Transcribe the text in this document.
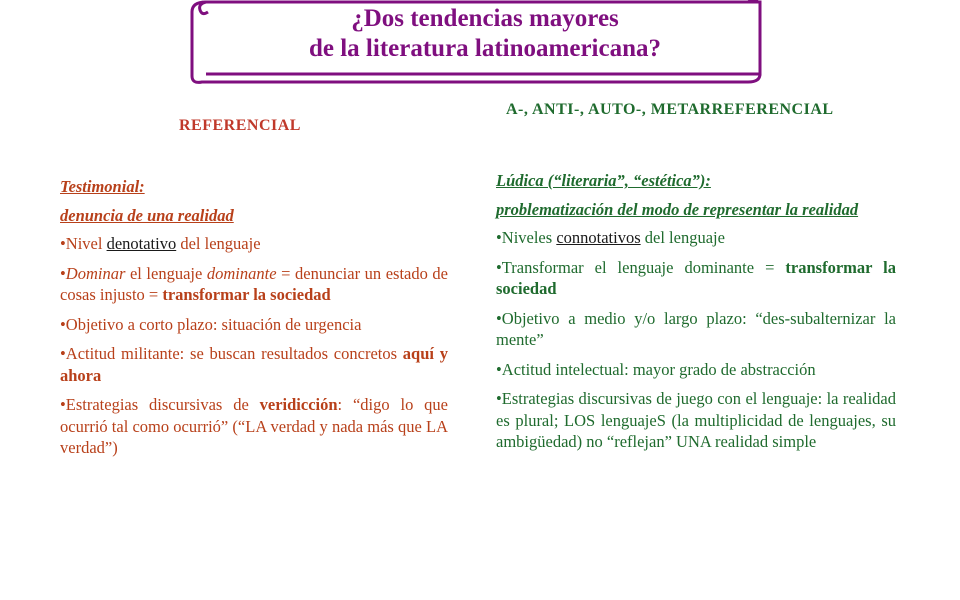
¿Dos tendencias mayores
de la literatura latinoamericana?
REFERENCIAL
A-, ANTI-, AUTO-, METARREFERENCIAL
Testimonial:
denuncia de una realidad
•Nivel denotativo del lenguaje
•Dominar el lenguaje dominante = denunciar un estado de cosas injusto = transformar la sociedad
•Objetivo a corto plazo: situación de urgencia
•Actitud militante: se buscan resultados concretos aquí y ahora
•Estrategias discursivas de veridicción: “digo lo que ocurrió tal como ocurrió” (“LA verdad y nada más que LA verdad”)
Lúdica (“literaria”, “estética”):
problematización del modo de representar la realidad
•Niveles connotativos del lenguaje
•Transformar el lenguaje dominante = transformar la sociedad
•Objetivo a medio y/o largo plazo: “des-subalternizar la mente”
•Actitud intelectual: mayor grado de abstracción
•Estrategias discursivas de juego con el lenguaje: la realidad es plural; LOS lenguajeS (la multiplicidad de lenguajes, su ambigüedad) no “reflejan” UNA realidad simple
